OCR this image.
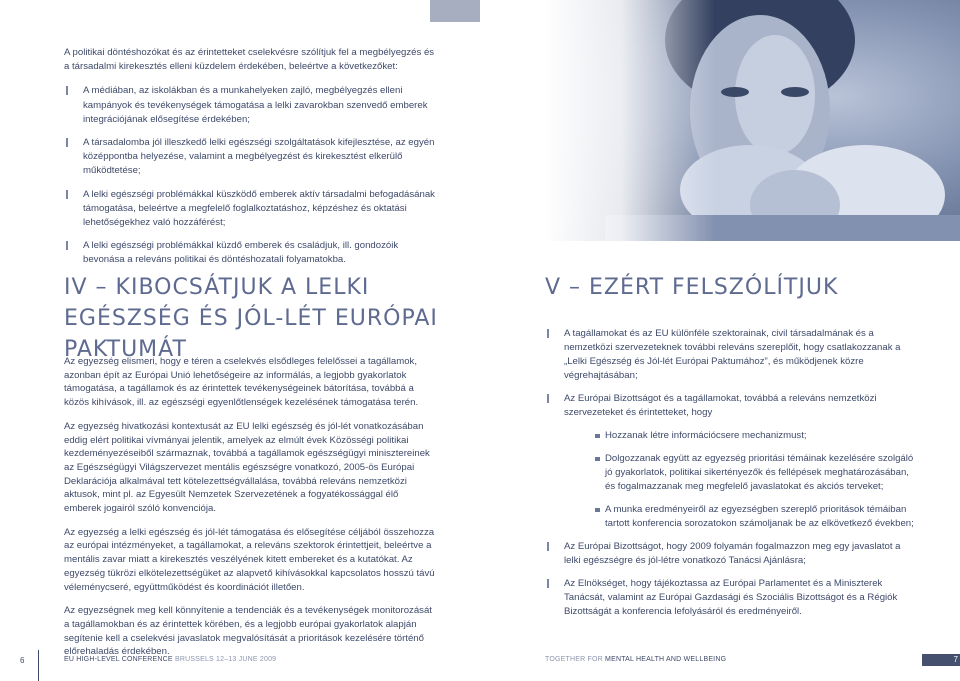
A politikai döntéshozókat és az érintetteket cselekvésre szólítjuk fel a megbélyegzés és a társadalmi kirekesztés elleni küzdelem érdekében, beleértve a következőket:

A médiában, az iskolákban és a munkahelyeken zajló, megbélyegzés elleni kampányok és tevékenységek támogatása a lelki zavarokban szenvedő emberek integrációjának elősegítése érdekében;
A társadalomba jól illeszkedő lelki egészségi szolgáltatások kifejlesztése, az egyén középpontba helyezése, valamint a megbélyegzést és kirekesztést elkerülő működtetése;
A lelki egészségi problémákkal küszködő emberek aktív társadalmi befogadásának támogatása, beleértve a megfelelő foglalkoztatáshoz, képzéshez és oktatási lehetőségekhez való hozzáférést;
A lelki egészségi problémákkal küzdő emberek és családjuk, ill. gondozóik bevonása a releváns politikai és döntéshozatali folyamatokba.
IV – KIBOCSÁTJUK A LELKI EGÉSZSÉG ÉS JÓL-LÉT EURÓPAI PAKTUMÁT

Az egyezség elismeri, hogy e téren a cselekvés elsődleges felelőssei a tagállamok, azonban épít az Európai Unió lehetőségeire az informálás, a legjobb gyakorlatok támogatása, a tagállamok és az érintettek tevékenységeinek bátorítása, továbbá a közös kihívások, ill. az egészségi egyenlőtlenségek kezelésének támogatása terén.

Az egyezség hivatkozási kontextusát az EU lelki egészség és jól-lét vonatkozásában eddig elért politikai vívmányai jelentik, amelyek az elmúlt évek Közösségi politikai kezdeményezéseiből származnak, továbbá a tagállamok egészségügyi minisztereinek az Egészségügyi Világszervezet mentális egészségre vonatkozó, 2005-ös Európai Deklarációja alkalmával tett kötelezettségvállalása, továbbá releváns nemzetközi aktusok, mint pl. az Egyesült Nemzetek Szervezetének a fogyatékossággal élő emberek jogairól szóló konvenciója.

Az egyezség a lelki egészség és jól-lét támogatása és elősegítése céljából összehozza az európai intézményeket, a tagállamokat, a releváns szektorok érintettjeit, beleértve a mentális zavar miatt a kirekesztés veszélyének kitett embereket és a kutatókat. Az egyezség tükrözi elkötelezettségüket az alapvető kihívásokkal kapcsolatos hosszú távú véleménycseré, együttműködést és koordinációt illetően.

Az egyezségnek meg kell könnyítenie a tendenciák és a tevékenységek monitorozását a tagállamokban és az érintettek körében, és a legjobb európai gyakorlatok alapján segítenie kell a cselekvési javaslatok megvalósítását a prioritások kezelésére történő előrehaladás érdekében.

V – EZÉRT FELSZÓLÍTJUK
A tagállamokat és az EU különféle szektorainak, civil társadalmának és a nemzetközi szervezeteknek további releváns szereplőit, hogy csatlakozzanak a „Lelki Egészség és Jól-lét Európai Paktumához”, és működjenek közre végrehajtásában;
Az Európai Bizottságot és a tagállamokat, továbbá a releváns nemzetközi szervezeteket és érintetteket, hogy
Hozzanak létre információcsere mechanizmust;
Dolgozzanak együtt az egyezség prioritási témáinak kezelésére szolgáló jó gyakorlatok, politikai sikertényezők és fellépések meghatározásában, és fogalmazzanak meg megfelelő javaslatokat és akciós terveket;
A munka eredményeiről az egyezségben szereplő prioritások témáiban tartott konferencia sorozatokon számoljanak be az elkövetkező években;
Az Európai Bizottságot, hogy 2009 folyamán fogalmazzon meg egy javaslatot a lelki egészségre és jól-létre vonatkozó Tanácsi Ajánlásra;
Az Elnökséget, hogy tájékoztassa az Európai Parlamentet és a Miniszterek Tanácsát, valamint az Európai Gazdasági és Szociális Bizottságot és a Régiók Bizottságát a konferencia lefolyásáról és eredményeiről.
6	EU HIGH-LEVEL CONFERENCE BRUSSELS 12–13 JUNE 2009	TOGETHER FOR MENTAL HEALTH AND WELLBEING	7
